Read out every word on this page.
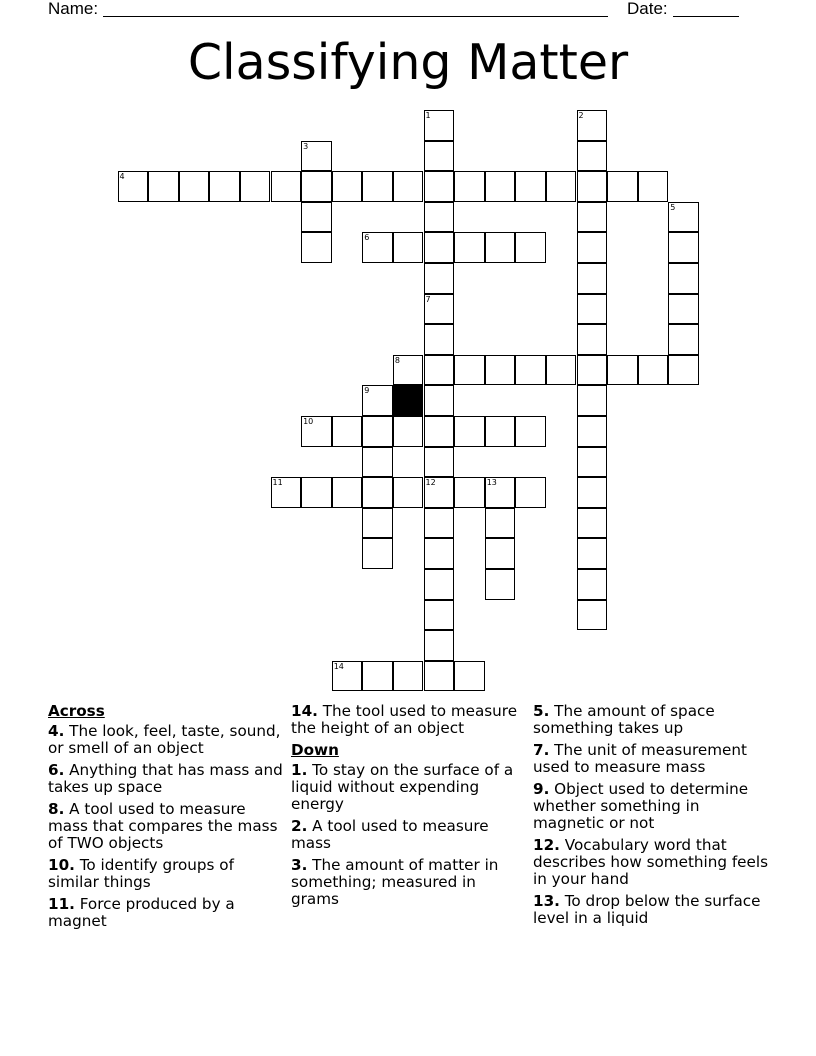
Name:	Date:
Classifying Matter
1
7
2
3
4
5
6
8
9
10
11	12	13
14
Across
4. The look, feel, taste, sound, or smell of an object
6. Anything that has mass and takes up space
8. A tool used to measure mass that compares the mass of TWO objects
10. To identify groups of similar things
11. Force produced by a magnet
14. The tool used to measure the height of an object
Down
1. To stay on the surface of a liquid without expending energy
2. A tool used to measure mass
3. The amount of matter in something; measured in grams
5. The amount of space something takes up
7. The unit of measurement used to measure mass
9. Object used to determine whether something in magnetic or not
12. Vocabulary word that describes how something feels in your hand
13. To drop below the surface level in a liquid
